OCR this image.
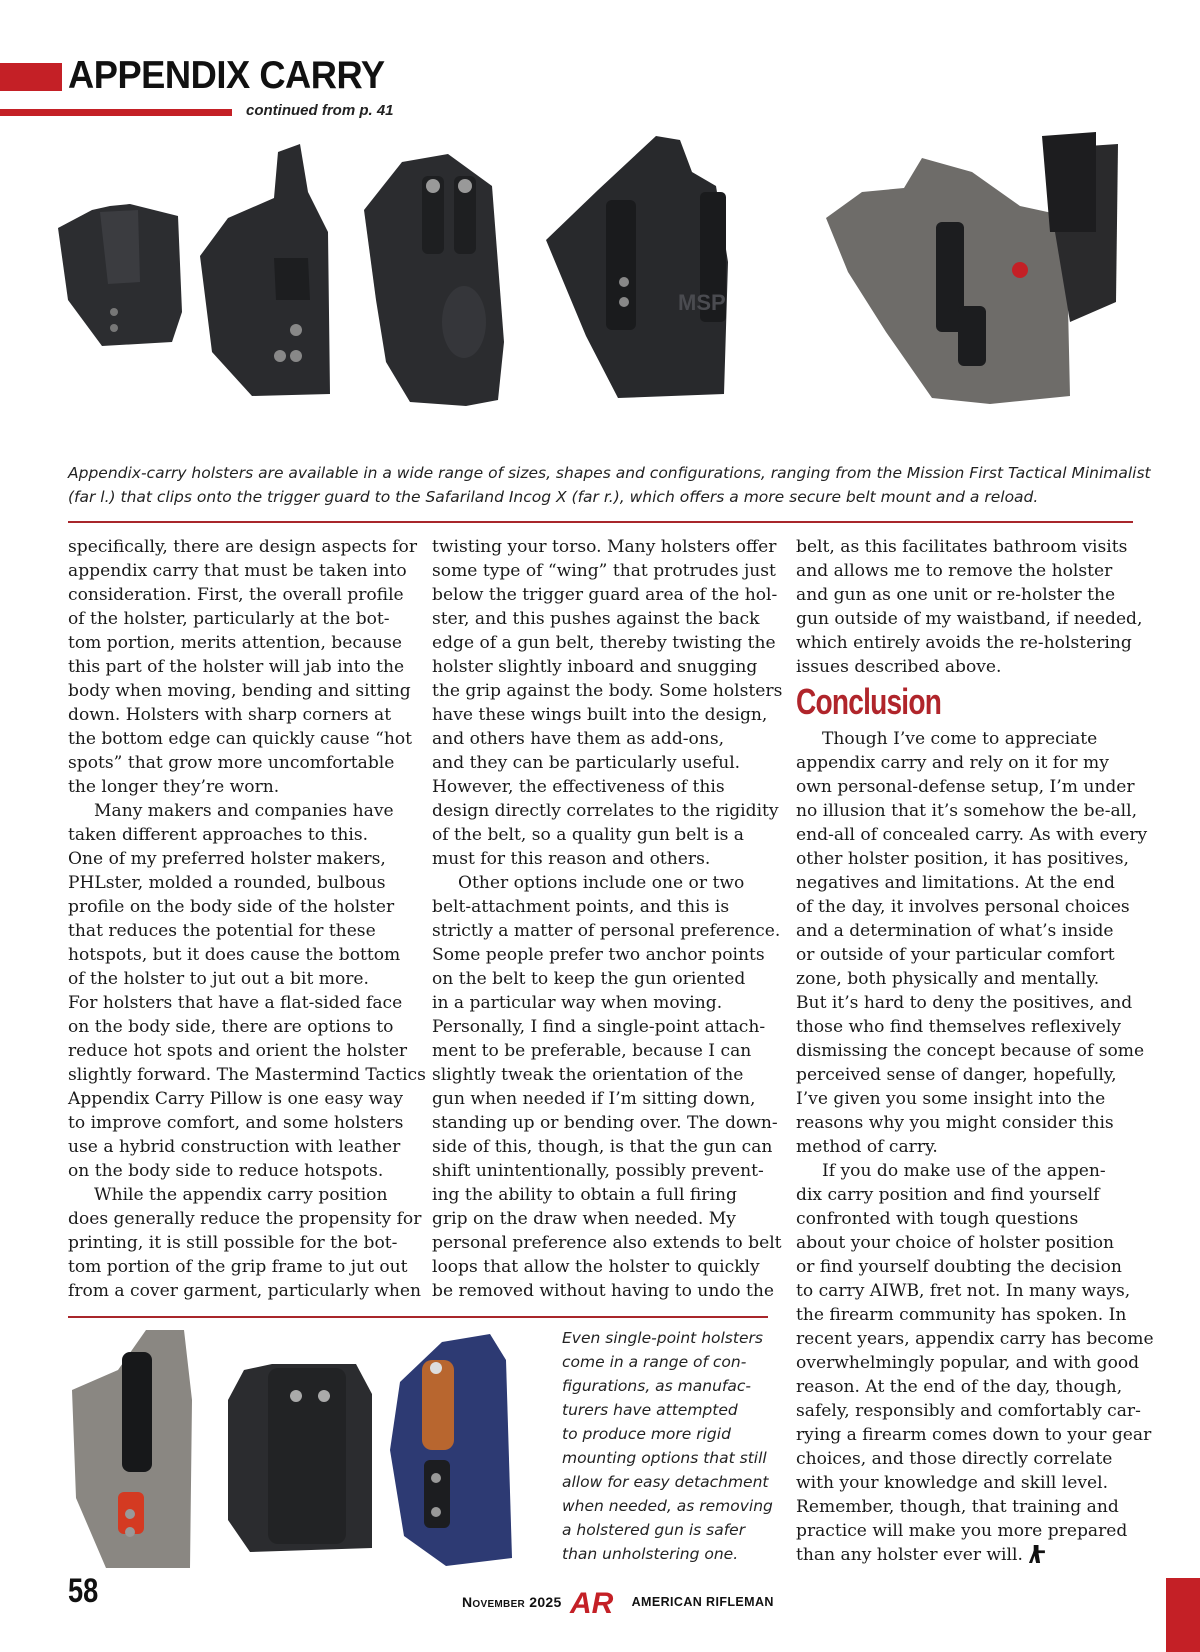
APPENDIX CARRY
continued from p. 41
MSP

Appendix-carry holsters are available in a wide range of sizes, shapes and configurations, ranging from the Mission First Tactical Minimalist (far l.) that clips onto the trigger guard to the Safariland Incog X (far r.), which offers a more secure belt mount and a reload.

specifically, there are design aspects for
appendix carry that must be taken into
consideration. First, the overall profile
of the holster, particularly at the bot-
tom portion, merits attention, because
this part of the holster will jab into the
body when moving, bending and sitting
down. Holsters with sharp corners at
the bottom edge can quickly cause “hot
spots” that grow more uncomfortable
the longer they’re worn.
Many makers and companies have
taken different approaches to this.
One of my preferred holster makers,
PHLster, molded a rounded, bulbous
profile on the body side of the holster
that reduces the potential for these
hotspots, but it does cause the bottom
of the holster to jut out a bit more.
For holsters that have a flat-sided face
on the body side, there are options to
reduce hot spots and orient the holster
slightly forward. The Mastermind Tactics
Appendix Carry Pillow is one easy way
to improve comfort, and some holsters
use a hybrid construction with leather
on the body side to reduce hotspots.
While the appendix carry position
does generally reduce the propensity for
printing, it is still possible for the bot-
tom portion of the grip frame to jut out
from a cover garment, particularly when
twisting your torso. Many holsters offer
some type of “wing” that protrudes just
below the trigger guard area of the hol-
ster, and this pushes against the back
edge of a gun belt, thereby twisting the
holster slightly inboard and snugging
the grip against the body. Some holsters
have these wings built into the design,
and others have them as add-ons,
and they can be particularly useful.
However, the effectiveness of this
design directly correlates to the rigidity
of the belt, so a quality gun belt is a
must for this reason and others.
Other options include one or two
belt-attachment points, and this is
strictly a matter of personal preference.
Some people prefer two anchor points
on the belt to keep the gun oriented
in a particular way when moving.
Personally, I find a single-point attach-
ment to be preferable, because I can
slightly tweak the orientation of the
gun when needed if I’m sitting down,
standing up or bending over. The down-
side of this, though, is that the gun can
shift unintentionally, possibly prevent-
ing the ability to obtain a full firing
grip on the draw when needed. My
personal preference also extends to belt
loops that allow the holster to quickly
be removed without having to undo the
belt, as this facilitates bathroom visits
and allows me to remove the holster
and gun as one unit or re-holster the
gun outside of my waistband, if needed,
which entirely avoids the re-holstering
issues described above.
Conclusion
Though I’ve come to appreciate
appendix carry and rely on it for my
own personal-defense setup, I’m under
no illusion that it’s somehow the be-all,
end-all of concealed carry. As with every
other holster position, it has positives,
negatives and limitations. At the end
of the day, it involves personal choices
and a determination of what’s inside
or outside of your particular comfort
zone, both physically and mentally.
But it’s hard to deny the positives, and
those who find themselves reflexively
dismissing the concept because of some
perceived sense of danger, hopefully,
I’ve given you some insight into the
reasons why you might consider this
method of carry.
If you do make use of the appen-
dix carry position and find yourself
confronted with tough questions
about your choice of holster position
or find yourself doubting the decision
to carry AIWB, fret not. In many ways,
the firearm community has spoken. In
recent years, appendix carry has become
overwhelmingly popular, and with good
reason. At the end of the day, though,
safely, responsibly and comfortably car-
rying a firearm comes down to your gear
choices, and those directly correlate
with your knowledge and skill level.
Remember, though, that training and
practice will make you more prepared
than any holster ever will.
Even single-point holsters
come in a range of con-
figurations, as manufac-
turers have attempted
to produce more rigid
mounting options that still
allow for easy detachment
when needed, as removing
a holstered gun is safer
than unholstering one.
58	November 2025 AR AMERICAN RIFLEMAN
